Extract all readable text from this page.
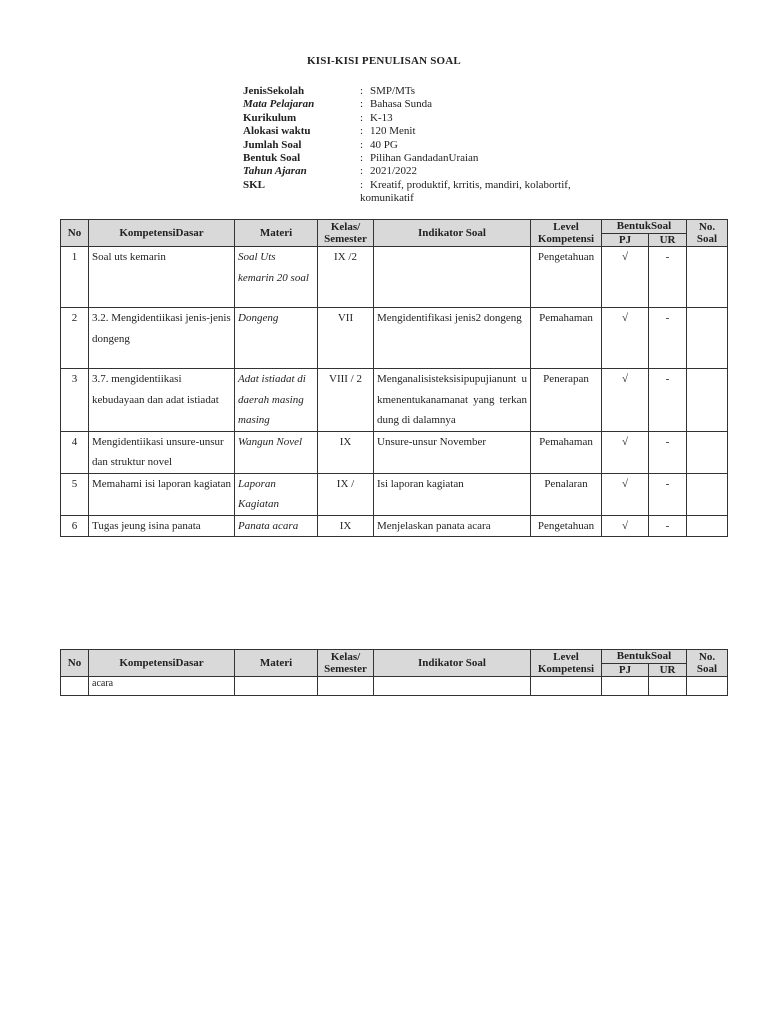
KISI-KISI PENULISAN SOAL
JenisSekolah	: SMP/MTs
Mata Pelajaran	: Bahasa Sunda
Kurikulum	: K-13
Alokasi waktu	: 120 Menit
Jumlah Soal	: 40 PG
Bentuk Soal	: Pilihan GandadanUraian
Tahun Ajaran	: 2021/2022
SKL	: Kreatif, produktif, krritis, mandiri, kolabortif,
komunikatif
No	KompetensiDasar	Materi	Kelas/
Semester	Indikator Soal	Level
Kompetensi	BentukSoal		No.
Soal
						PJ	UR	
1	Soal uts kemarin	Soal Uts kemarin 20 soal	IX /2		Pengetahuan	√	-	
2	3.2. Mengidentiikasi jenis-jenis dongeng	Dongeng	VII	Mengidentifikasi jenis2 dongeng	Pemahaman	√	-	
3	3.7. mengidentiikasi kebudayaan dan adat istiadat	Adat istiadat di daerah masing masing	VIII / 2	Menganalisisteksisipupujianunt ukmenentukanamanat yang terkandung di dalamnya	Penerapan	√	-	
4	Mengidentiikasi unsure-unsur dan struktur novel	Wangun Novel	IX	Unsure-unsur November	Pemahaman	√	-	
5	Memahami isi laporan kagiatan	Laporan Kagiatan	IX /	Isi laporan kagiatan	Penalaran	√	-	
6	Tugas jeung isina panata	Panata acara	IX	Menjelaskan panata acara	Pengetahuan	√	-	
No	KompetensiDasar	Materi	Kelas/
Semester	Indikator Soal	Level
Kompetensi	BentukSoal		No.
Soal
						PJ	UR	
	acara							
